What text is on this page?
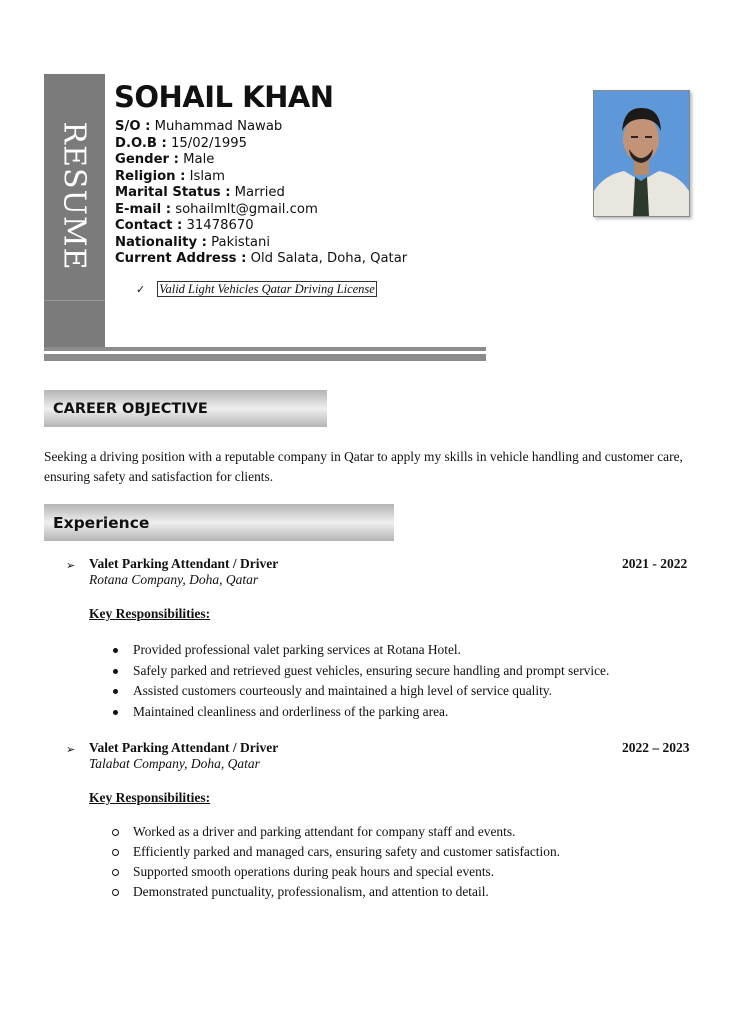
RESUME
SOHAIL KHAN
S/O : Muhammad Nawab
D.O.B : 15/02/1995
Gender : Male
Religion : Islam
Marital Status : Married
E-mail : sohailmlt@gmail.com
Contact : 31478670
Nationality : Pakistani
Current Address : Old Salata, Doha, Qatar
✓ Valid Light Vehicles Qatar Driving License
CAREER OBJECTIVE

Seeking a driving position with a reputable company in Qatar to apply my skills in vehicle handling and customer care, ensuring safety and satisfaction for clients.

Experience
➢ Valet Parking Attendant / Driver	2021 - 2022
Rotana Company, Doha, Qatar
Key Responsibilities:
Provided professional valet parking services at Rotana Hotel.
Safely parked and retrieved guest vehicles, ensuring secure handling and prompt service.
Assisted customers courteously and maintained a high level of service quality.
Maintained cleanliness and orderliness of the parking area.
➢ Valet Parking Attendant / Driver	2022 – 2023
Talabat Company, Doha, Qatar
Key Responsibilities:
Worked as a driver and parking attendant for company staff and events.
Efficiently parked and managed cars, ensuring safety and customer satisfaction.
Supported smooth operations during peak hours and special events.
Demonstrated punctuality, professionalism, and attention to detail.
